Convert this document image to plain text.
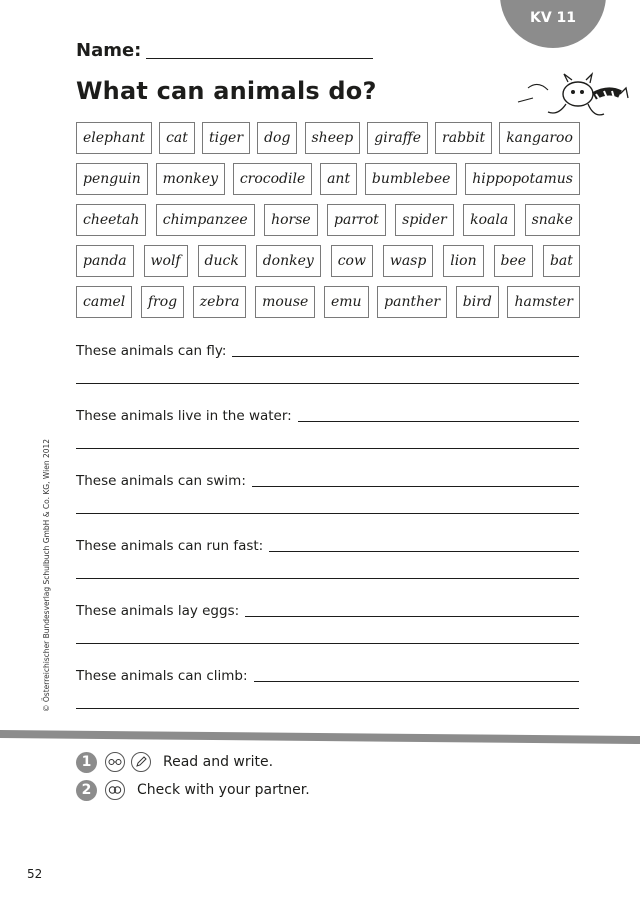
KV 11
Name:
What can animals do?
elephant	cat	tiger	dog	sheep	giraffe	rabbit	kangaroo
penguin	monkey	crocodile	ant	bumblebee	hippopotamus
cheetah	chimpanzee	horse	parrot	spider	koala	snake
panda	wolf	duck	donkey	cow	wasp	lion	bee	bat
camel	frog	zebra	mouse	emu	panther	bird	hamster
These animals can fly:
These animals live in the water:
These animals can swim:
These animals can run fast:
These animals lay eggs:
These animals can climb:
© Österreichischer Bundesverlag Schulbuch GmbH & Co. KG, Wien 2012
1	Read and write.
2	Check with your partner.
52
